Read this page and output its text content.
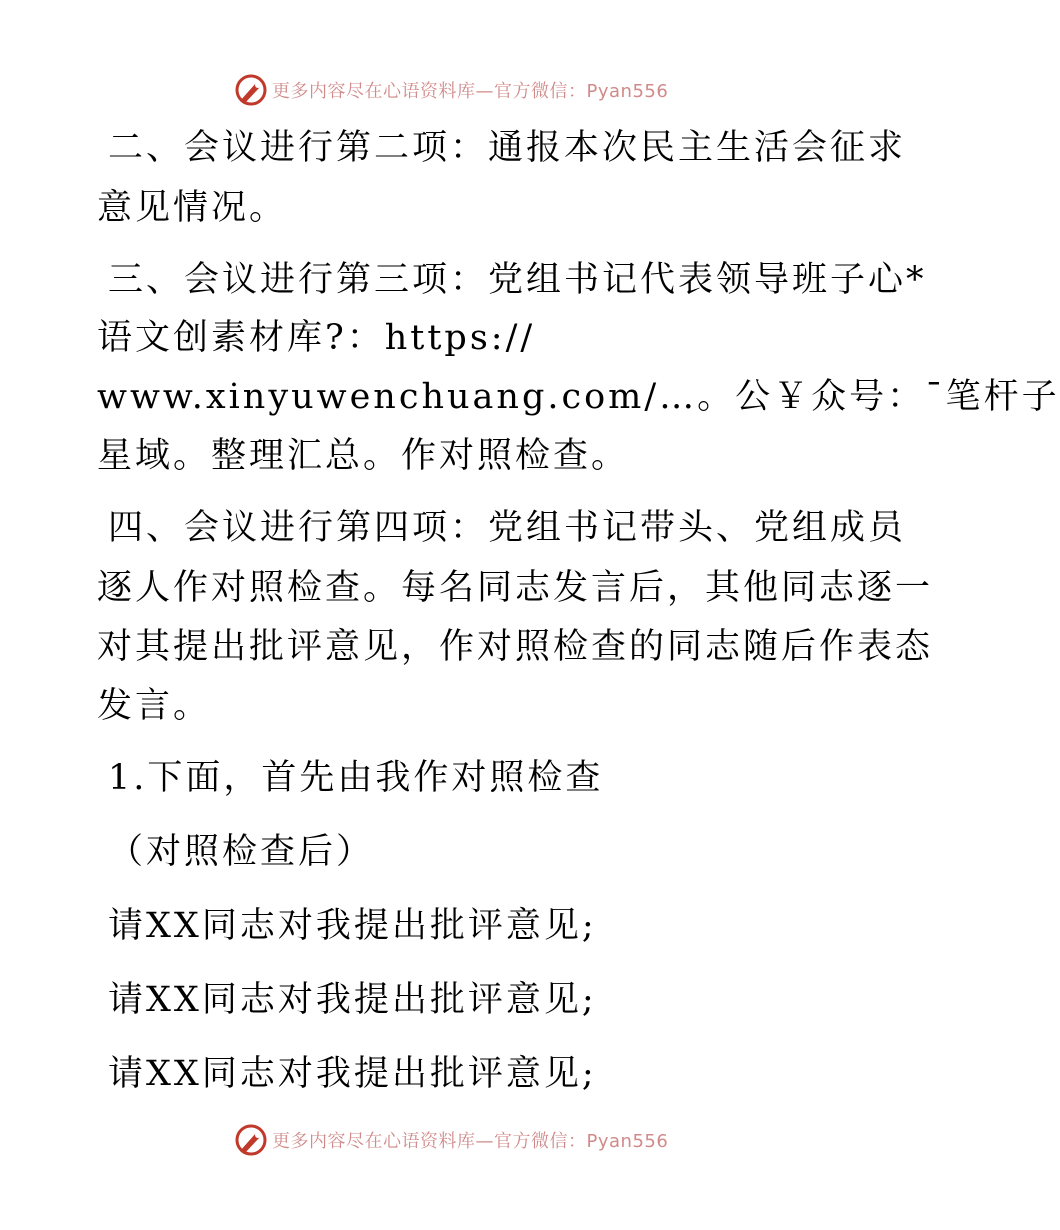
更多内容尽在心语资料库—官方微信：Pyan556
二、会议进行第二项：通报本次民主生活会征求
意见情况。
三、会议进行第三项：党组书记代表领导班子心*
语文创素材库?：https://
www.xinyuwenchuang.com/…。公￥众号：¯笔杆子
星域。整理汇总。作对照检查。
四、会议进行第四项：党组书记带头、党组成员
逐人作对照检查。每名同志发言后，其他同志逐一
对其提出批评意见，作对照检查的同志随后作表态
发言。
1.下面，首先由我作对照检查
（对照检查后）
请XX同志对我提出批评意见;
请XX同志对我提出批评意见;
请XX同志对我提出批评意见;
更多内容尽在心语资料库—官方微信：Pyan556
